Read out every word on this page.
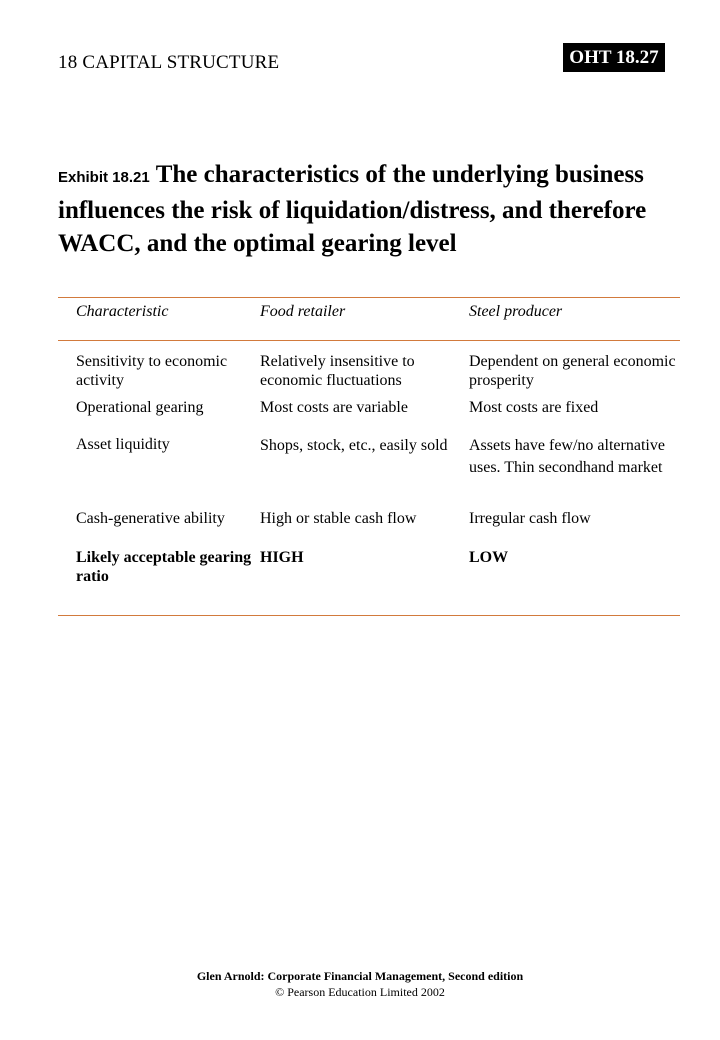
18 CAPITAL STRUCTURE	OHT 18.27
Exhibit 18.21 The characteristics of the underlying business influences the risk of liquidation/distress, and therefore WACC, and the optimal gearing level
Characteristic	Food retailer	Steel producer
Sensitivity to economic activity	Relatively insensitive to economic fluctuations	Dependent on general economic prosperity
Operational gearing	Most costs are variable	Most costs are fixed
Asset liquidity	Shops, stock, etc., easily sold	Assets have few/no alternative uses. Thin secondhand market
Cash-generative ability	High or stable cash flow	Irregular cash flow
Likely acceptable gearing ratio	HIGH	LOW
Glen Arnold: Corporate Financial Management, Second edition
© Pearson Education Limited 2002
